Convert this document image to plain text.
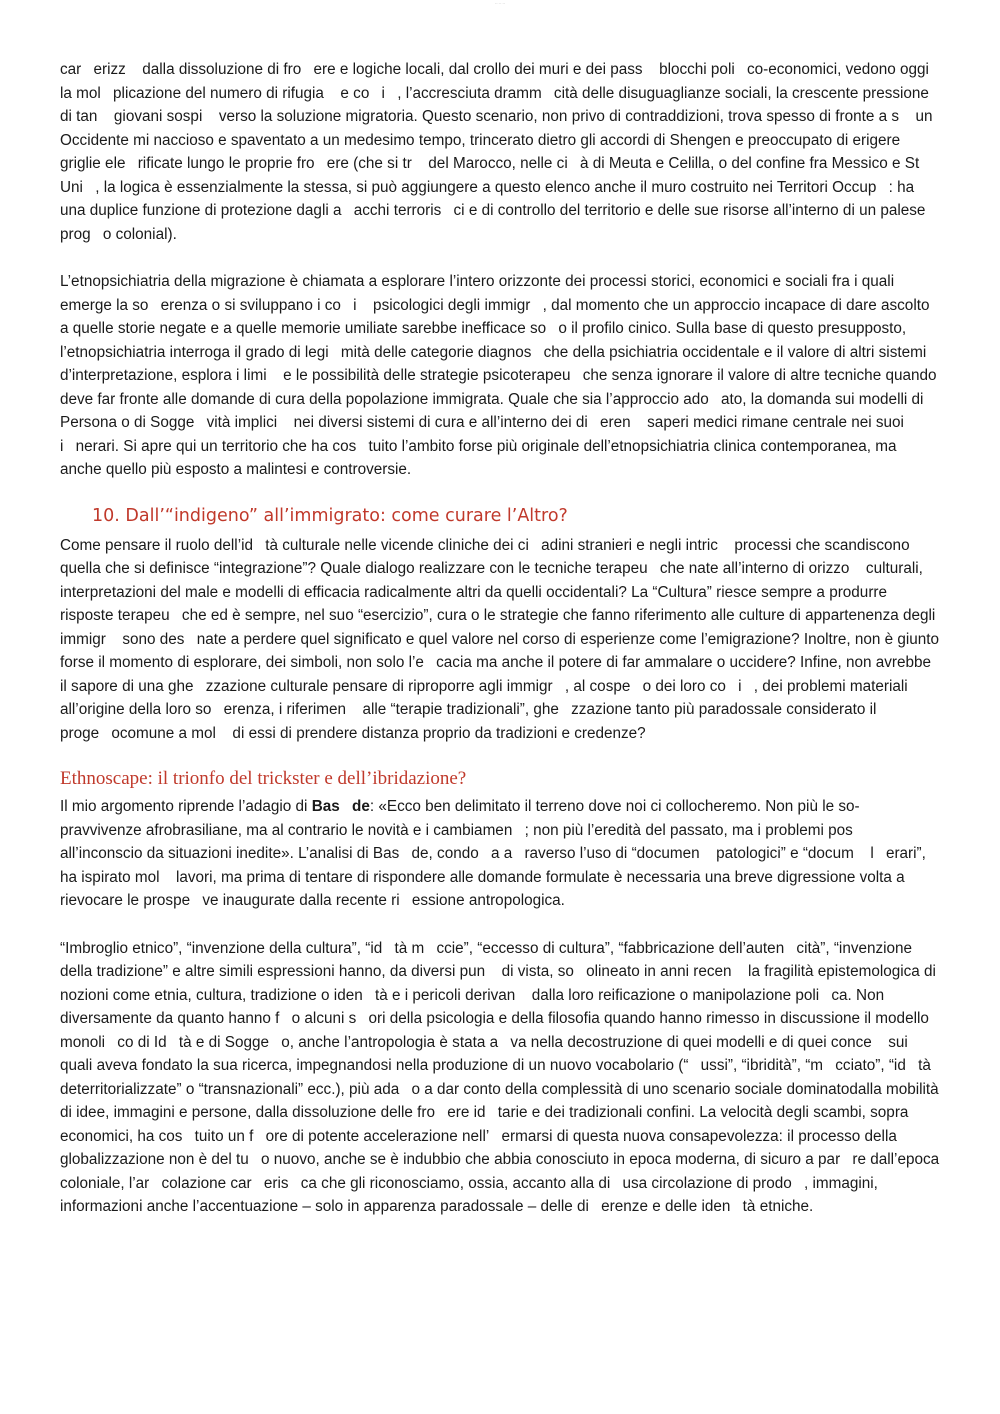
-- -- --

carerizz dalla dissoluzione di froere e logiche locali, dal crollo dei muri e dei pass blocchi polico-economici, vedono oggi la molplicazione del numero di rifugia e coi, l’accresciuta drammcità delle disuguaglianze sociali, la crescente pressione di tan giovani sospi verso la soluzione migratoria. Questo scenario, non privo di contraddizioni, trova spesso di fronte a s un Occidente mi naccioso e spaventato a un medesimo tempo, trincerato dietro gli accordi di Shengen e preoccupato di erigere griglie elerificate lungo le proprie froere (che si tr del Marocco, nelle cià di Meuta e Celilla, o del confine fra Messico e St Uni, la logica è essenzialmente la stessa, si può aggiungere a questo elenco anche il muro costruito nei Territori Occup: ha una duplice funzione di protezione dagli aacchi terrorisci e di controllo del territorio e delle sue risorse all’interno di un palese progo colonial).

L’etnopsichiatria della migrazione è chiamata a esplorare l’intero orizzonte dei processi storici, economici e sociali fra i quali emerge la soerenza o si sviluppano i coi psicologici degli immigr, dal momento che un approccio incapace di dare ascolto a quelle storie negate e a quelle memorie umiliate sarebbe inefficace soo il profilo cinico. Sulla base di questo presupposto, l’etnopsichiatria interroga il grado di legimità delle categorie diagnosche della psichiatria occidentale e il valore di altri sistemi d’interpretazione, esplora i limi e le possibilità delle strategie psicoterapeuche senza ignorare il valore di altre tecniche quando deve far fronte alle domande di cura della popolazione immigrata. Quale che sia l’approccio adoato, la domanda sui modelli di Persona o di Soggevità implici nei diversi sistemi di cura e all’interno dei dieren saperi medici rimane centrale nei suoi inerari. Si apre qui un territorio che ha costuito l’ambito forse più originale dell’etnopsichiatria clinica contemporanea, ma anche quello più esposto a malintesi e controversie.

10. Dall’“indigeno” all’immigrato: come curare l’Altro?

Come pensare il ruolo dell’idtà culturale nelle vicende cliniche dei ciadini stranieri e negli intric processi che scandiscono quella che si definisce “integrazione”? Quale dialogo realizzare con le tecniche terapeuche nate all’interno di orizzo culturali, interpretazioni del male e modelli di efficacia radicalmente altri da quelli occidentali? La “Cultura” riesce sempre a produrre risposte terapeuche ed è sempre, nel suo “esercizio”, cura o le strategie che fanno riferimento alle culture di appartenenza degli immigr sono desnate a perdere quel significato e quel valore nel corso di esperienze come l’emigrazione? Inoltre, non è giunto forse il momento di esplorare, dei simboli, non solo l’ecacia ma anche il potere di far ammalare o uccidere? Infine, non avrebbe il sapore di una ghezzazione culturale pensare di riproporre agli immigr, al cospeo dei loro coi, dei problemi materiali all’origine della loro soerenza, i riferimen alle “terapie tradizionali”, ghezzazione tanto più paradossale considerato il progeocomune a mol di essi di prendere distanza proprio da tradizioni e credenze?

Ethnoscape: il trionfo del trickster e dell’ibridazione?

Il mio argomento riprende l’adagio di Basde: «Ecco ben delimitato il terreno dove noi ci collocheremo. Non più le so- pravvivenze afrobrasiliane, ma al contrario le novità e i cambiamen; non più l’eredità del passato, ma i problemi pos all’inconscio da situazioni inedite». L’analisi di Basde, condoa araverso l’uso di “documen patologici” e “docum lerari”, ha ispirato mol lavori, ma prima di tentare di rispondere alle domande formulate è necessaria una breve digressione volta a rievocare le prospeve inaugurate dalla recente riessione antropologica.

“Imbroglio etnico”, “invenzione della cultura”, “idtà mccie”, “eccesso di cultura”, “fabbricazione dell’autencità”, “invenzione della tradizione” e altre simili espressioni hanno, da diversi pun di vista, soolineato in anni recen la fragilità epistemologica di nozioni come etnia, cultura, tradizione o identà e i pericoli derivan dalla loro reificazione o manipolazione polica. Non diversamente da quanto hanno fo alcuni sori della psicologia e della filosofia quando hanno rimesso in discussione il modello monolico di Idtà e di Soggeo, anche l’antropologia è stata ava nella decostruzione di quei modelli e di quei conce sui quali aveva fondato la sua ricerca, impegnandosi nella produzione di un nuovo vocabolario (“ussi”, “ibridità”, “mcciato”, “idtà deterritorializzate” o “transnazionali” ecc.), più adao a dar conto della complessità di uno scenario sociale dominatodalla mobilità di idee, immagini e persone, dalla dissoluzione delle froere idtarie e dei tradizionali confini. La velocità degli scambi, sopra economici, ha costuito un fore di potente accelerazione nell’ermarsi di questa nuova consapevolezza: il processo della globalizzazione non è del tuo nuovo, anche se è indubbio che abbia conosciuto in epoca moderna, di sicuro a parre dall’epoca coloniale, l’arcolazione carerisca che gli riconosciamo, ossia, accanto alla diusa circolazione di prodo, immagini, informazioni anche l’accentuazione – solo in apparenza paradossale – delle dierenze e delle identà etniche.
